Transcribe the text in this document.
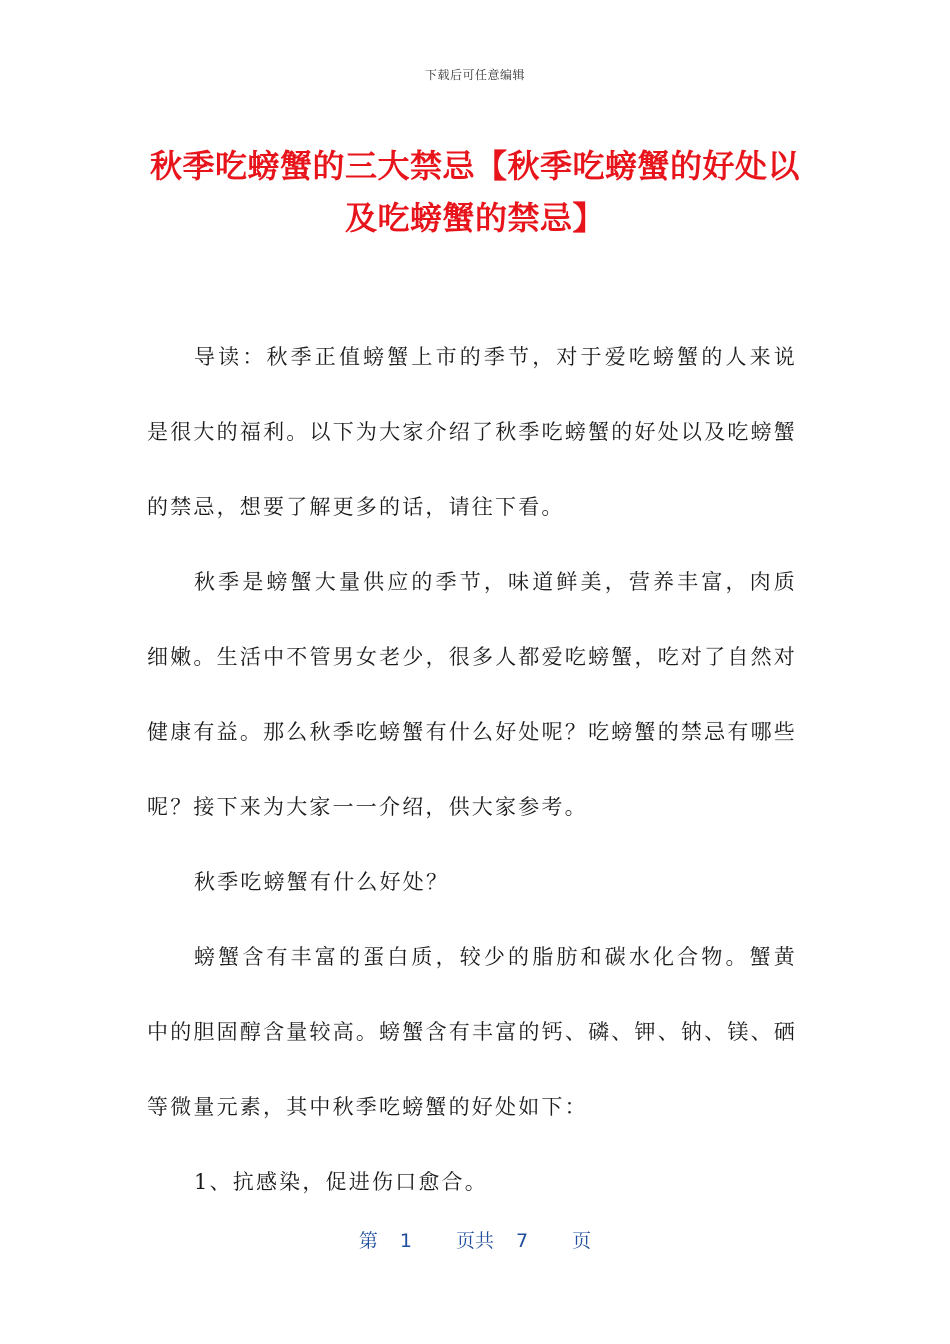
下载后可任意编辑
秋季吃螃蟹的三大禁忌【秋季吃螃蟹的好处以及吃螃蟹的禁忌】

导读：秋季正值螃蟹上市的季节，对于爱吃螃蟹的人来说是很大的福利。以下为大家介绍了秋季吃螃蟹的好处以及吃螃蟹的禁忌，想要了解更多的话，请往下看。

秋季是螃蟹大量供应的季节，味道鲜美，营养丰富，肉质细嫩。生活中不管男女老少，很多人都爱吃螃蟹，吃对了自然对健康有益。那么秋季吃螃蟹有什么好处呢？吃螃蟹的禁忌有哪些呢？接下来为大家一一介绍，供大家参考。

秋季吃螃蟹有什么好处？

螃蟹含有丰富的蛋白质，较少的脂肪和碳水化合物。蟹黄中的胆固醇含量较高。螃蟹含有丰富的钙、磷、钾、钠、镁、硒等微量元素，其中秋季吃螃蟹的好处如下：

1、抗感染，促进伤口愈合。

第 1 页共 7 页
